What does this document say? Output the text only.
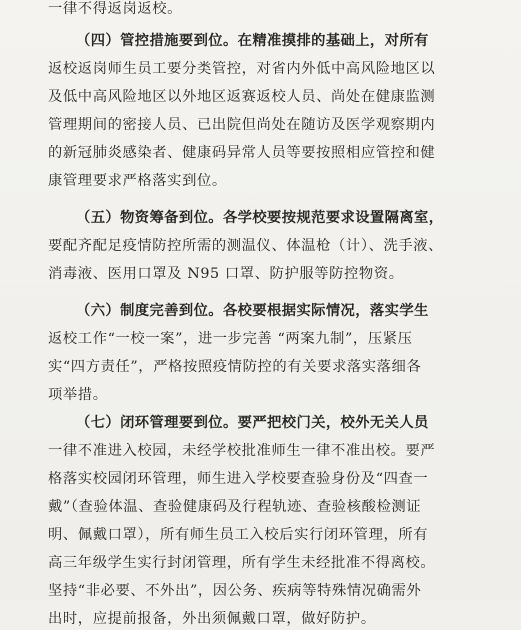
一律不得返岗返校。
（四）管控措施要到位。在精准摸排的基础上，对所有
返校返岗师生员工要分类管控，对省内外低中高风险地区以
及低中高风险地区以外地区返赛返校人员、尚处在健康监测
管理期间的密接人员、已出院但尚处在随访及医学观察期内
的新冠肺炎感染者、健康码异常人员等要按照相应管控和健
康管理要求严格落实到位。
（五）物资筹备到位。各学校要按规范要求设置隔离室，
要配齐配足疫情防控所需的测温仪、体温枪（计）、洗手液、
消毒液、医用口罩及 N95 口罩、防护服等防控物资。
（六）制度完善到位。各校要根据实际情况，落实学生
返校工作“一校一案”，进一步完善 “两案九制”，压紧压
实“四方责任”，严格按照疫情防控的有关要求落实落细各
项举措。
（七）闭环管理要到位。要严把校门关，校外无关人员
一律不准进入校园，未经学校批准师生一律不准出校。要严
格落实校园闭环管理，师生进入学校要查验身份及“四查一
戴”（查验体温、查验健康码及行程轨迹、查验核酸检测证
明、佩戴口罩），所有师生员工入校后实行闭环管理，所有
高三年级学生实行封闭管理，所有学生未经批准不得离校。
坚持“非必要、不外出”，因公务、疾病等特殊情况确需外
出时，应提前报备，外出须佩戴口罩，做好防护。
